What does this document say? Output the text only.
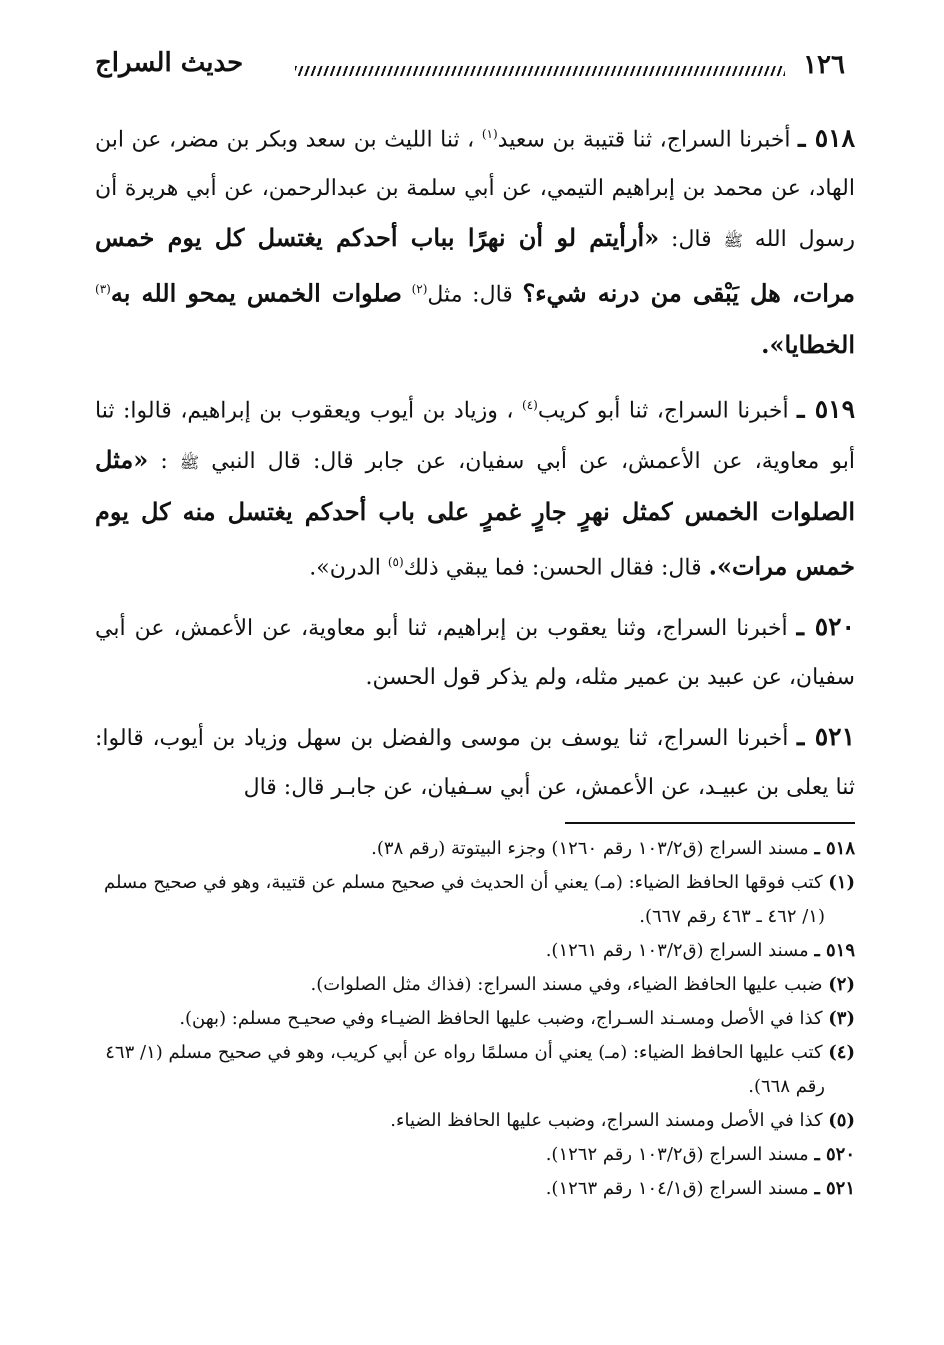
١٢٦
حديث السراج

٥١٨ ـ أخبرنا السراج، ثنا قتيبة بن سعيد$^{(١)}$ ، ثنا الليث بن سعد وبكر بن مضر، عن ابن الهاد، عن محمد بن إبراهيم التيمي، عن أبي سلمة بن عبدالرحمن، عن أبي هريرة أن رسول الله ﷺ قال: «أرأيتم لو أن نهرًا بباب أحدكم يغتسل كل يوم خمس مرات، هل يَبْقى من درنه شيء؟ قال: مثل$^{(٢)}$ صلوات الخمس يمحو الله به$^{(٣)}$ الخطايا».

٥١٩ ـ أخبرنا السراج، ثنا أبو كريب$^{(٤)}$ ، وزياد بن أيوب ويعقوب بن إبراهيم، قالوا: ثنا أبو معاوية، عن الأعمش، عن أبي سفيان، عن جابر قال: قال النبي ﷺ : «مثل الصلوات الخمس كمثل نهرٍ جارٍ غمرٍ على باب أحدكم يغتسل منه كل يوم خمس مرات». قال: فقال الحسن: فما يبقي ذلك$^{(٥)}$ الدرن».

٥٢٠ ـ أخبرنا السراج، وثنا يعقوب بن إبراهيم، ثنا أبو معاوية، عن الأعمش، عن أبي سفيان، عن عبيد بن عمير مثله، ولم يذكر قول الحسن.

٥٢١ ـ أخبرنا السراج، ثنا يوسف بن موسى والفضل بن سهل وزياد بن أيوب، قالوا: ثنا يعلى بن عبيـد، عن الأعمش، عن أبي سـفيان، عن جابـر قال: قال

٥١٨ ـ مسند السراج (ق١٠٣/٢ رقم ١٢٦٠) وجزء البيتوتة (رقم ٣٨).

(١) كتب فوقها الحافظ الضياء: (مـ) يعني أن الحديث في صحيح مسلم عن قتيبة، وهو في صحيح مسلم (١/ ٤٦٢ ـ ٤٦٣ رقم ٦٦٧).

٥١٩ ـ مسند السراج (ق١٠٣/٢ رقم ١٢٦١).

(٢) ضبب عليها الحافظ الضياء، وفي مسند السراج: (فذاك مثل الصلوات).

(٣) كذا في الأصل ومسـند السـراج، وضبب عليها الحافظ الضيـاء وفي صحيـح مسلم: (بهن).

(٤) كتب عليها الحافظ الضياء: (مـ) يعني أن مسلمًا رواه عن أبي كريب، وهو في صحيح مسلم (١/ ٤٦٣ رقم ٦٦٨).

(٥) كذا في الأصل ومسند السراج، وضبب عليها الحافظ الضياء.

٥٢٠ ـ مسند السراج (ق١٠٣/٢ رقم ١٢٦٢).

٥٢١ ـ مسند السراج (ق١٠٤/١ رقم ١٢٦٣).
